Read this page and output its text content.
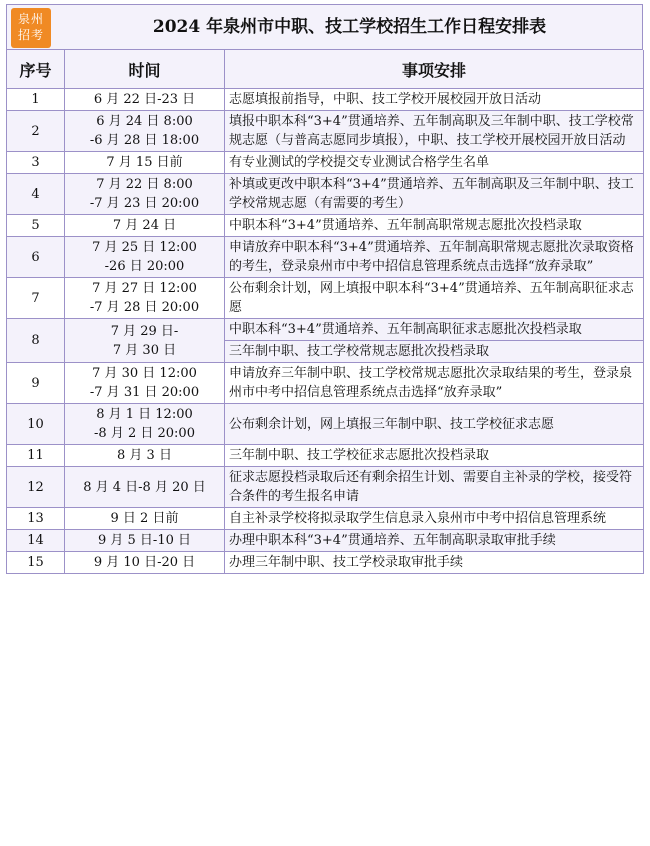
泉州
招考	2024 年泉州市中职、技工学校招生工作日程安排表
序号	时间	事项安排
1	6 月 22 日-23 日	志愿填报前指导，中职、技工学校开展校园开放日活动
2	6 月 24 日 8:00
-6 月 28 日 18:00	填报中职本科“3+4”贯通培养、五年制高职及三年制中职、技工学校常规志愿（与普高志愿同步填报），中职、技工学校开展校园开放日活动
3	7 月 15 日前	有专业测试的学校提交专业测试合格学生名单
4	7 月 22 日 8:00
-7 月 23 日 20:00	补填或更改中职本科“3+4”贯通培养、五年制高职及三年制中职、技工学校常规志愿（有需要的考生）
5	7 月 24 日	中职本科“3+4”贯通培养、五年制高职常规志愿批次投档录取
6	7 月 25 日 12:00
-26 日 20:00	申请放弃中职本科“3+4”贯通培养、五年制高职常规志愿批次录取资格的考生，登录泉州市中考中招信息管理系统点击选择“放弃录取”
7	7 月 27 日 12:00
-7 月 28 日 20:00	公布剩余计划，网上填报中职本科“3+4”贯通培养、五年制高职征求志愿
8	7 月 29 日-
7 月 30 日	中职本科“3+4”贯通培养、五年制高职征求志愿批次投档录取
		三年制中职、技工学校常规志愿批次投档录取
9	7 月 30 日 12:00
-7 月 31 日 20:00	申请放弃三年制中职、技工学校常规志愿批次录取结果的考生，登录泉州市中考中招信息管理系统点击选择“放弃录取”
10	8 月 1 日 12:00
-8 月 2 日 20:00	公布剩余计划，网上填报三年制中职、技工学校征求志愿
11	8 月 3 日	三年制中职、技工学校征求志愿批次投档录取
12	8 月 4 日-8 月 20 日	征求志愿投档录取后还有剩余招生计划、需要自主补录的学校，接受符合条件的考生报名申请
13	9 日 2 日前	自主补录学校将拟录取学生信息录入泉州市中考中招信息管理系统
14	9 月 5 日-10 日	办理中职本科“3+4”贯通培养、五年制高职录取审批手续
15	9 月 10 日-20 日	办理三年制中职、技工学校录取审批手续
